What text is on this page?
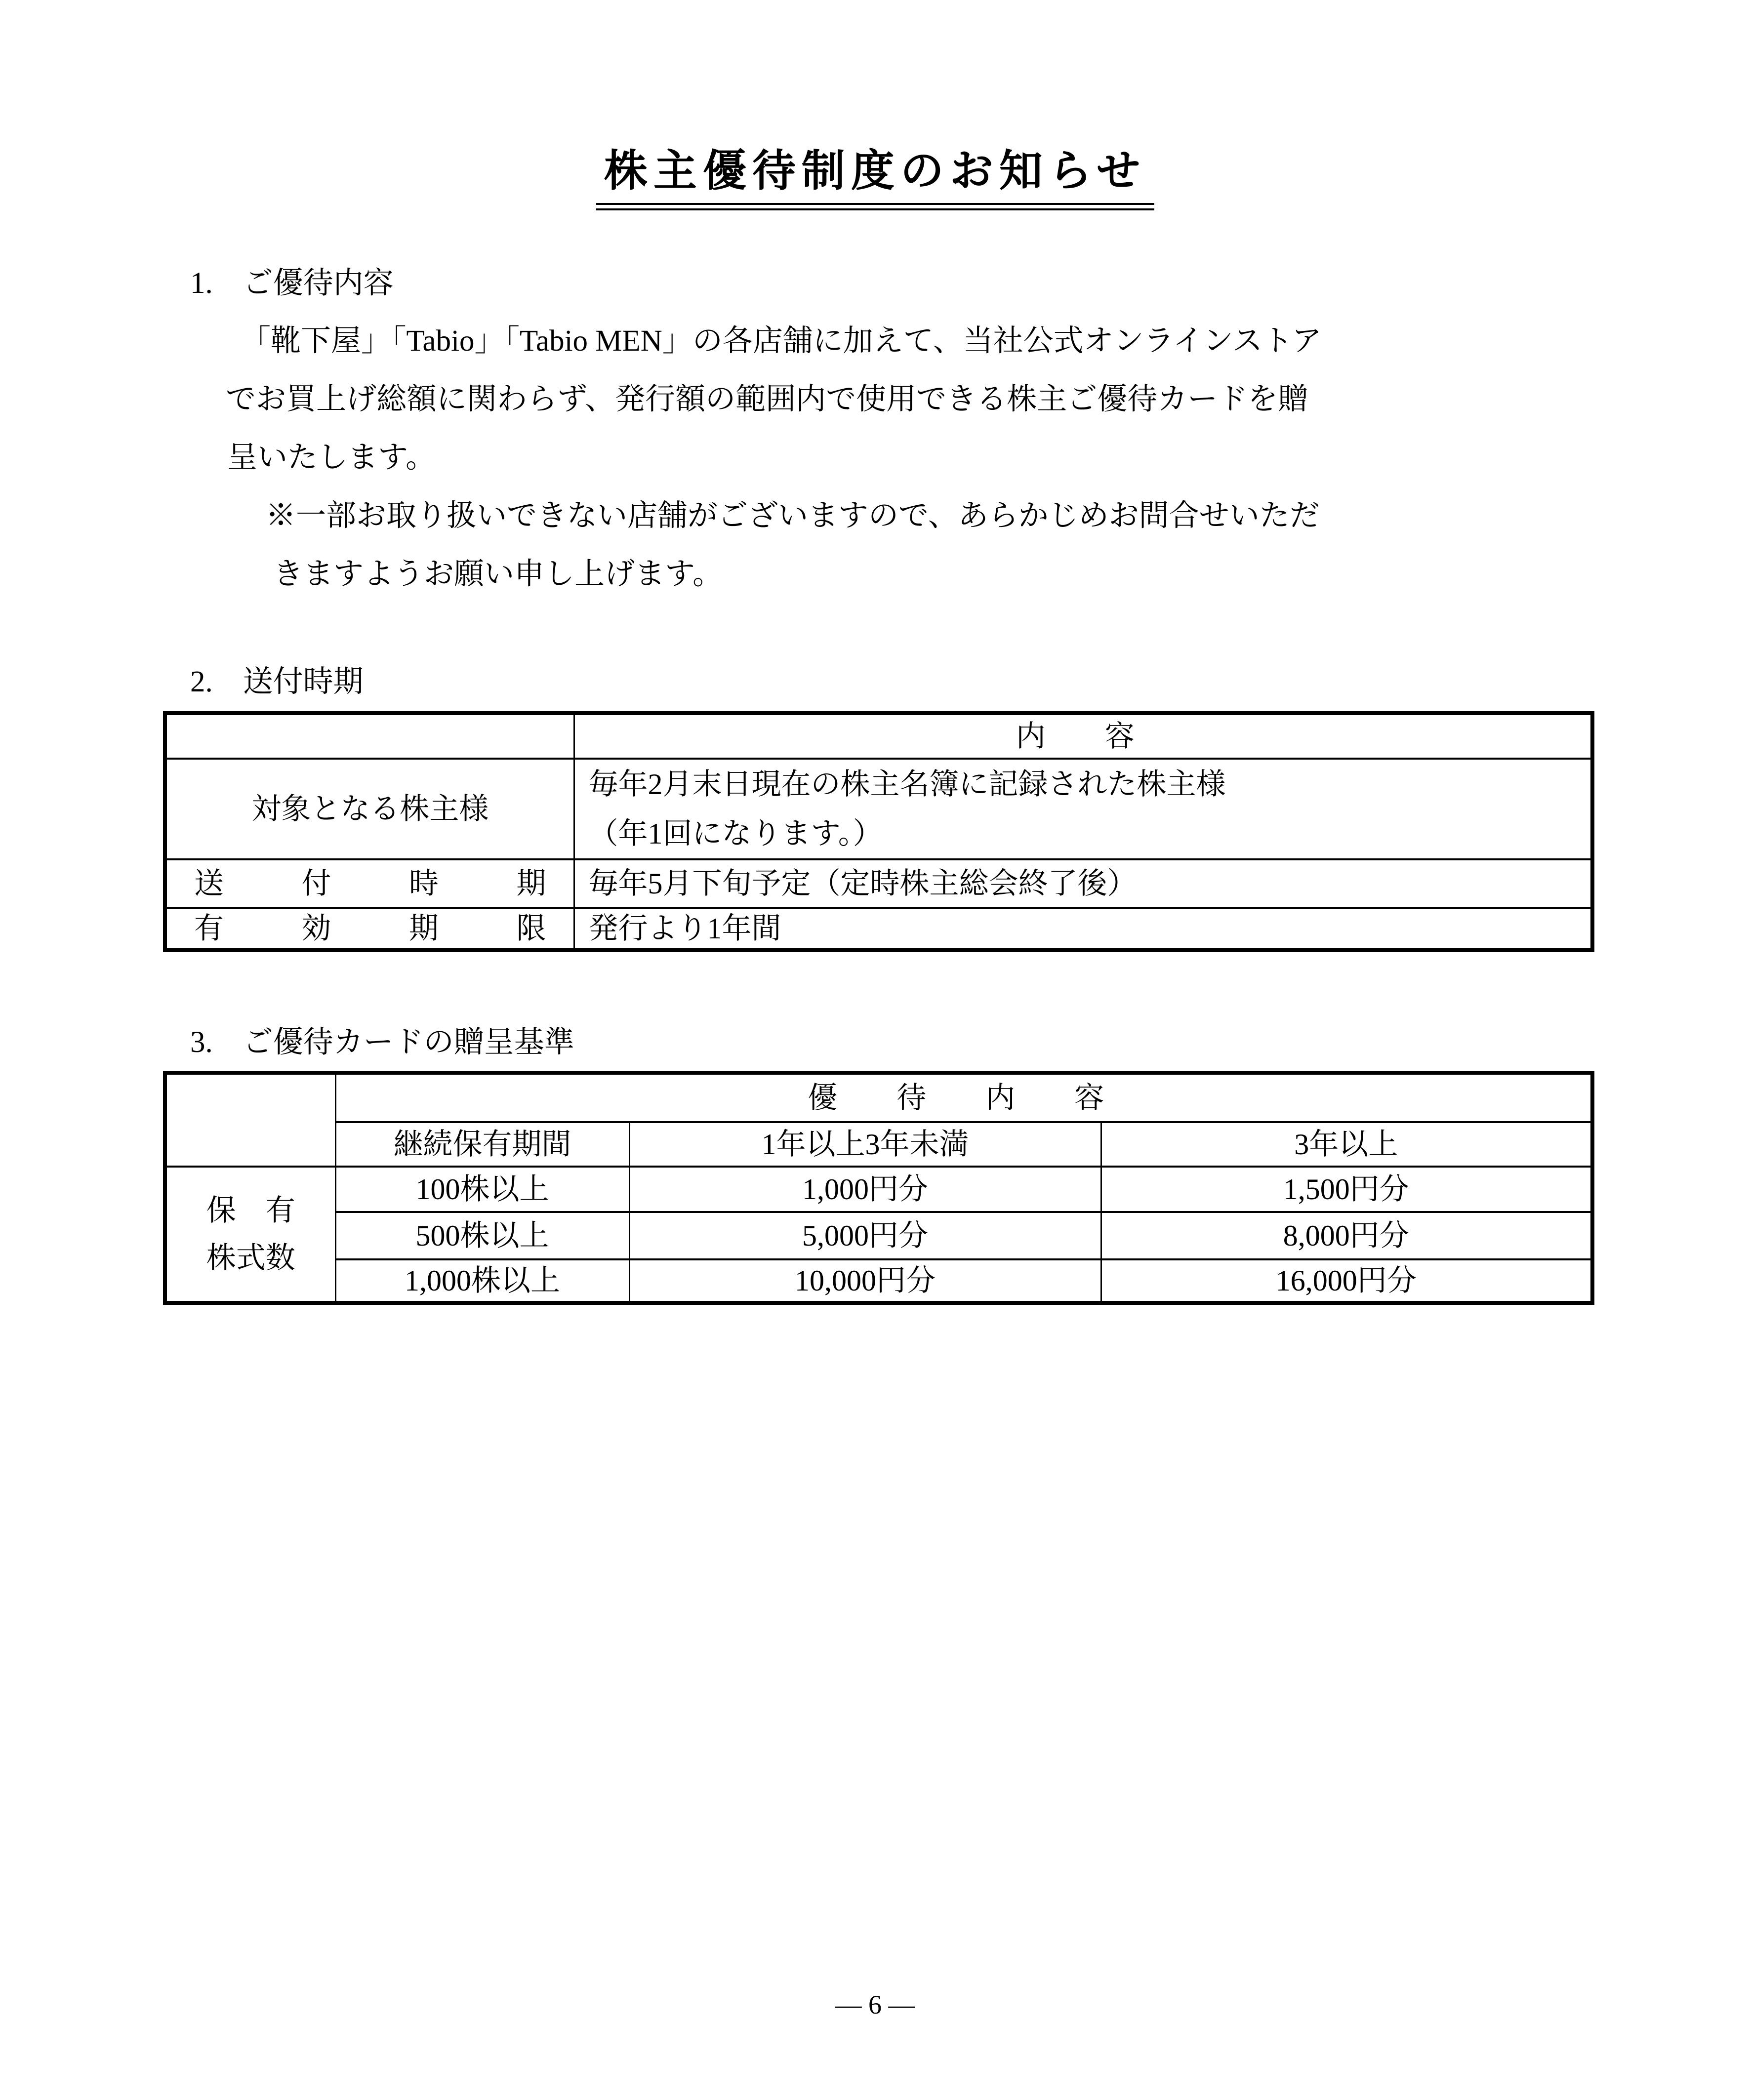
株主優待制度のお知らせ
1.　ご優待内容
「靴下屋」「Tabio」「Tabio MEN」の各店舗に加えて、当社公式オンラインストア
でお買上げ総額に関わらず、発行額の範囲内で使用できる株主ご優待カードを贈
呈いたします。
※一部お取り扱いできない店舗がございますので、あらかじめお問合せいただ
きますようお願い申し上げます。
2.　送付時期
	内　容
対象となる株主様	毎年2月末日現在の株主名簿に記録された株主様
（年1回になります。）

送　付　時　期	毎年5月下旬予定（定時株主総会終了後）
有　効　期　限	発行より1年間
3.　ご優待カードの贈呈基準
	優　待　内　容		
	継続保有期間	1年以上3年未満	3年以上

保　有
株式数	100株以上	1,000円分	1,500円分
	500株以上	5,000円分	8,000円分
	1,000株以上	10,000円分	16,000円分
― 6 ―
